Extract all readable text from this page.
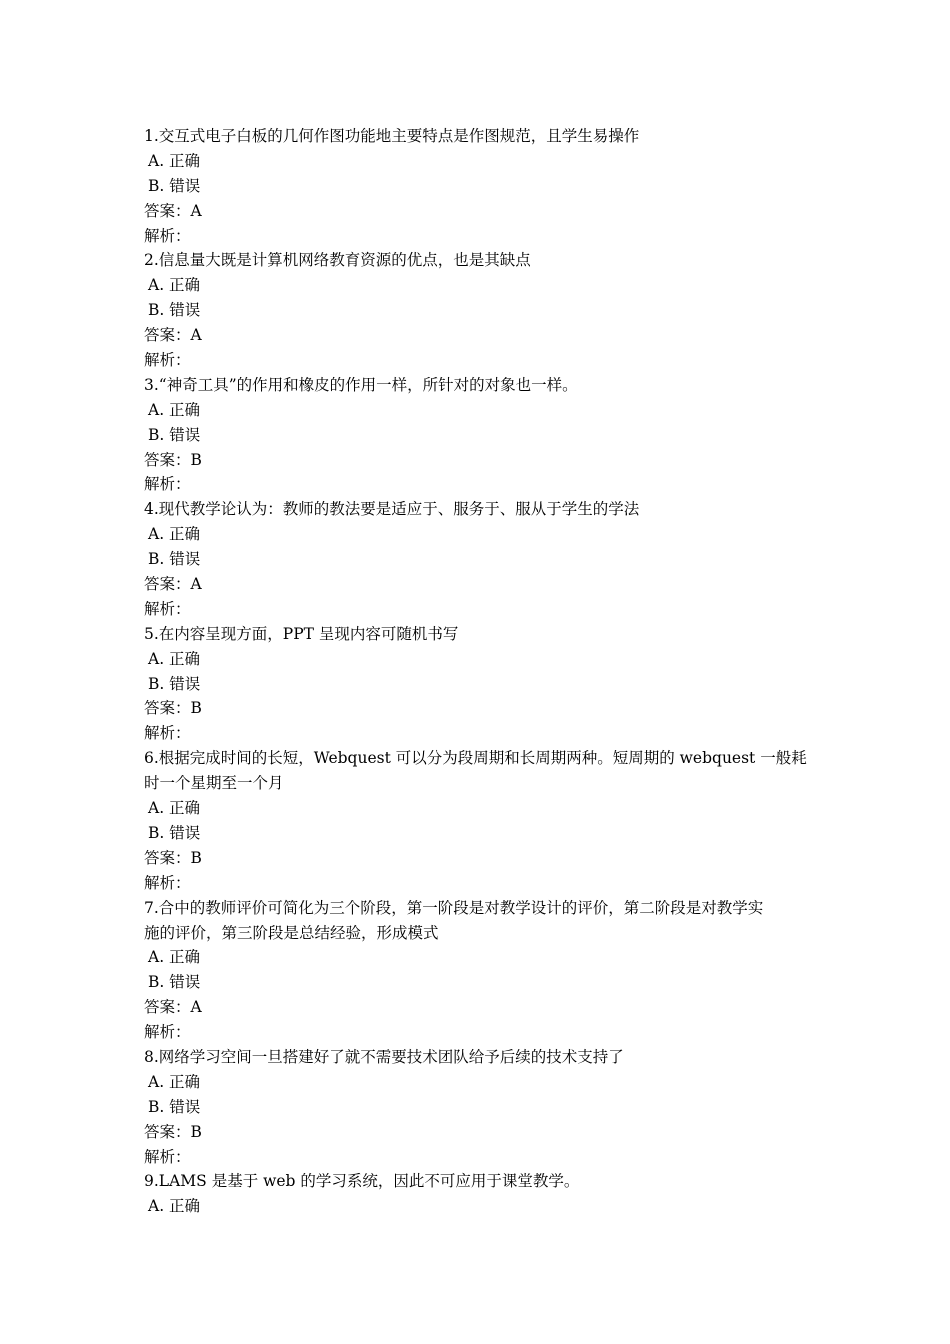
1.交互式电子白板的几何作图功能地主要特点是作图规范，且学生易操作
A. 正确
B. 错误
答案：A
解析：
2.信息量大既是计算机网络教育资源的优点，也是其缺点
A. 正确
B. 错误
答案：A
解析：
3.“神奇工具”的作用和橡皮的作用一样，所针对的对象也一样。
A. 正确
B. 错误
答案：B
解析：
4.现代教学论认为：教师的教法要是适应于、服务于、服从于学生的学法
A. 正确
B. 错误
答案：A
解析：
5.在内容呈现方面，PPT 呈现内容可随机书写
A. 正确
B. 错误
答案：B
解析：
6.根据完成时间的长短，Webquest 可以分为段周期和长周期两种。短周期的 webquest 一般耗
时一个星期至一个月
A. 正确
B. 错误
答案：B
解析：
7.合中的教师评价可简化为三个阶段，第一阶段是对教学设计的评价，第二阶段是对教学实
施的评价，第三阶段是总结经验，形成模式
A. 正确
B. 错误
答案：A
解析：
8.网络学习空间一旦搭建好了就不需要技术团队给予后续的技术支持了
A. 正确
B. 错误
答案：B
解析：
9.LAMS 是基于 web 的学习系统，因此不可应用于课堂教学。
A. 正确
